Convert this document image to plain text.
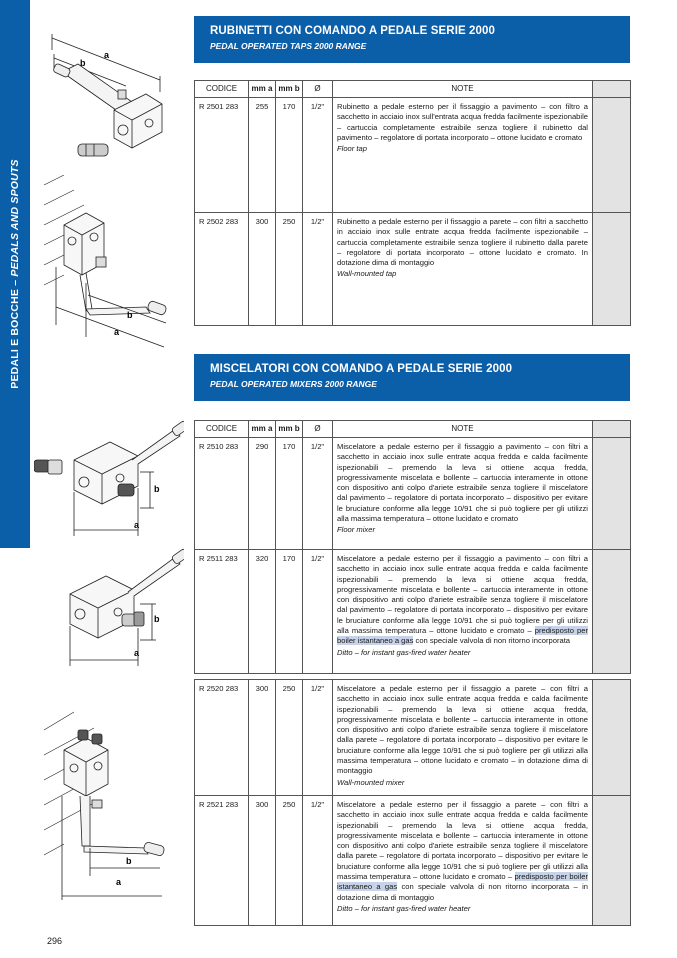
PEDALI E BOCCHE – PEDALS AND SPOUTS
RUBINETTI CON COMANDO A PEDALE SERIE 2000
PEDAL OPERATED TAPS 2000 RANGE
CODICE	mm a	mm b	Ø	NOTE	
R 2501 283	255	170	1/2"	Rubinetto a pedale esterno per il fissaggio a pavimento – con filtro a sacchetto in acciaio inox sull'entrata acqua fredda facilmente ispezionabile – cartuccia completamente estraibile senza togliere il rubinetto dal pavimento – regolatore di portata incorporato – ottone lucidato e cromato
Floor tap	

R 2502 283	300	250	1/2"	Rubinetto a pedale esterno per il fissaggio a parete – con filtri a sacchetto in acciaio inox sulle entrate acqua fredda facilmente ispezionabile – cartuccia completamente estraibile senza togliere il rubinetto dalla parete – regolatore di portata incorporato – ottone lucidato e cromato. In dotazione dima di montaggio
Wall-mounted tap	

MISCELATORI CON COMANDO A PEDALE SERIE 2000
PEDAL OPERATED MIXERS 2000 RANGE
CODICE	mm a	mm b	Ø	NOTE	
R 2510 283	290	170	1/2"	Miscelatore a pedale esterno per il fissaggio a pavimento – con filtri a sacchetto in acciaio inox sulle entrate acqua fredda e calda facilmente ispezionabili – premendo la leva si ottiene acqua fredda, progressivamente miscelata e bollente – cartuccia interamente in ottone con dispositivo anti colpo d'ariete estraibile senza togliere il miscelatore dal pavimento – regolatore di portata incorporato – dispositivo per evitare le bruciature conforme alla legge 10/91 che si può togliere per gli utilizzi alla massima temperatura – ottone lucidato e cromato
Floor mixer	

R 2511 283	320	170	1/2"	Miscelatore a pedale esterno per il fissaggio a pavimento – con filtri a sacchetto in acciaio inox sulle entrate acqua fredda e calda facilmente ispezionabili – premendo la leva si ottiene acqua fredda, progressivamente miscelata e bollente – cartuccia interamente in ottone con dispositivo anti colpo d'ariete estraibile senza togliere il miscelatore dal pavimento – regolatore di portata incorporato – dispositivo per evitare le bruciature conforme alla legge 10/91 che si può togliere per gli utilizzi alla massima temperatura – ottone lucidato e cromato – predisposto per boiler istantaneo a gas con speciale valvola di non ritorno incorporata
Ditto – for instant gas-fired water heater	

R 2520 283	300	250	1/2"	Miscelatore a pedale esterno per il fissaggio a parete – con filtri a sacchetto in acciaio inox sulle entrate acqua fredda e calda facilmente ispezionabili – premendo la leva si ottiene acqua fredda, progressivamente miscelata e bollente – cartuccia interamente in ottone con dispositivo anti colpo d'ariete estraibile senza togliere il miscelatore dalla parete – regolatore di portata incorporato – dispositivo per evitare le bruciature conforme alla legge 10/91 che si può togliere per gli utilizzi alla massima temperatura – ottone lucidato e cromato – in dotazione dima di montaggio
Wall-mounted mixer	

R 2521 283	300	250	1/2"	Miscelatore a pedale esterno per il fissaggio a parete – con filtri a sacchetto in acciaio inox sulle entrate acqua fredda e calda facilmente ispezionabili – premendo la leva si ottiene acqua fredda, progressivamente miscelata e bollente – cartuccia interamente in ottone con dispositivo anti colpo d'ariete estraibile senza togliere il miscelatore dalla parete – regolatore di portata incorporato – dispositivo per evitare le bruciature conforme alla legge 10/91 che si può togliere per gli utilizzi alla massima temperatura – ottone lucidato e cromato – predisposto per boiler istantaneo a gas con speciale valvola di non ritorno incorporata – in dotazione dima di montaggio
Ditto – for instant gas-fired water heater	

a
b
b
a
b
a
b
a
b
a
296
